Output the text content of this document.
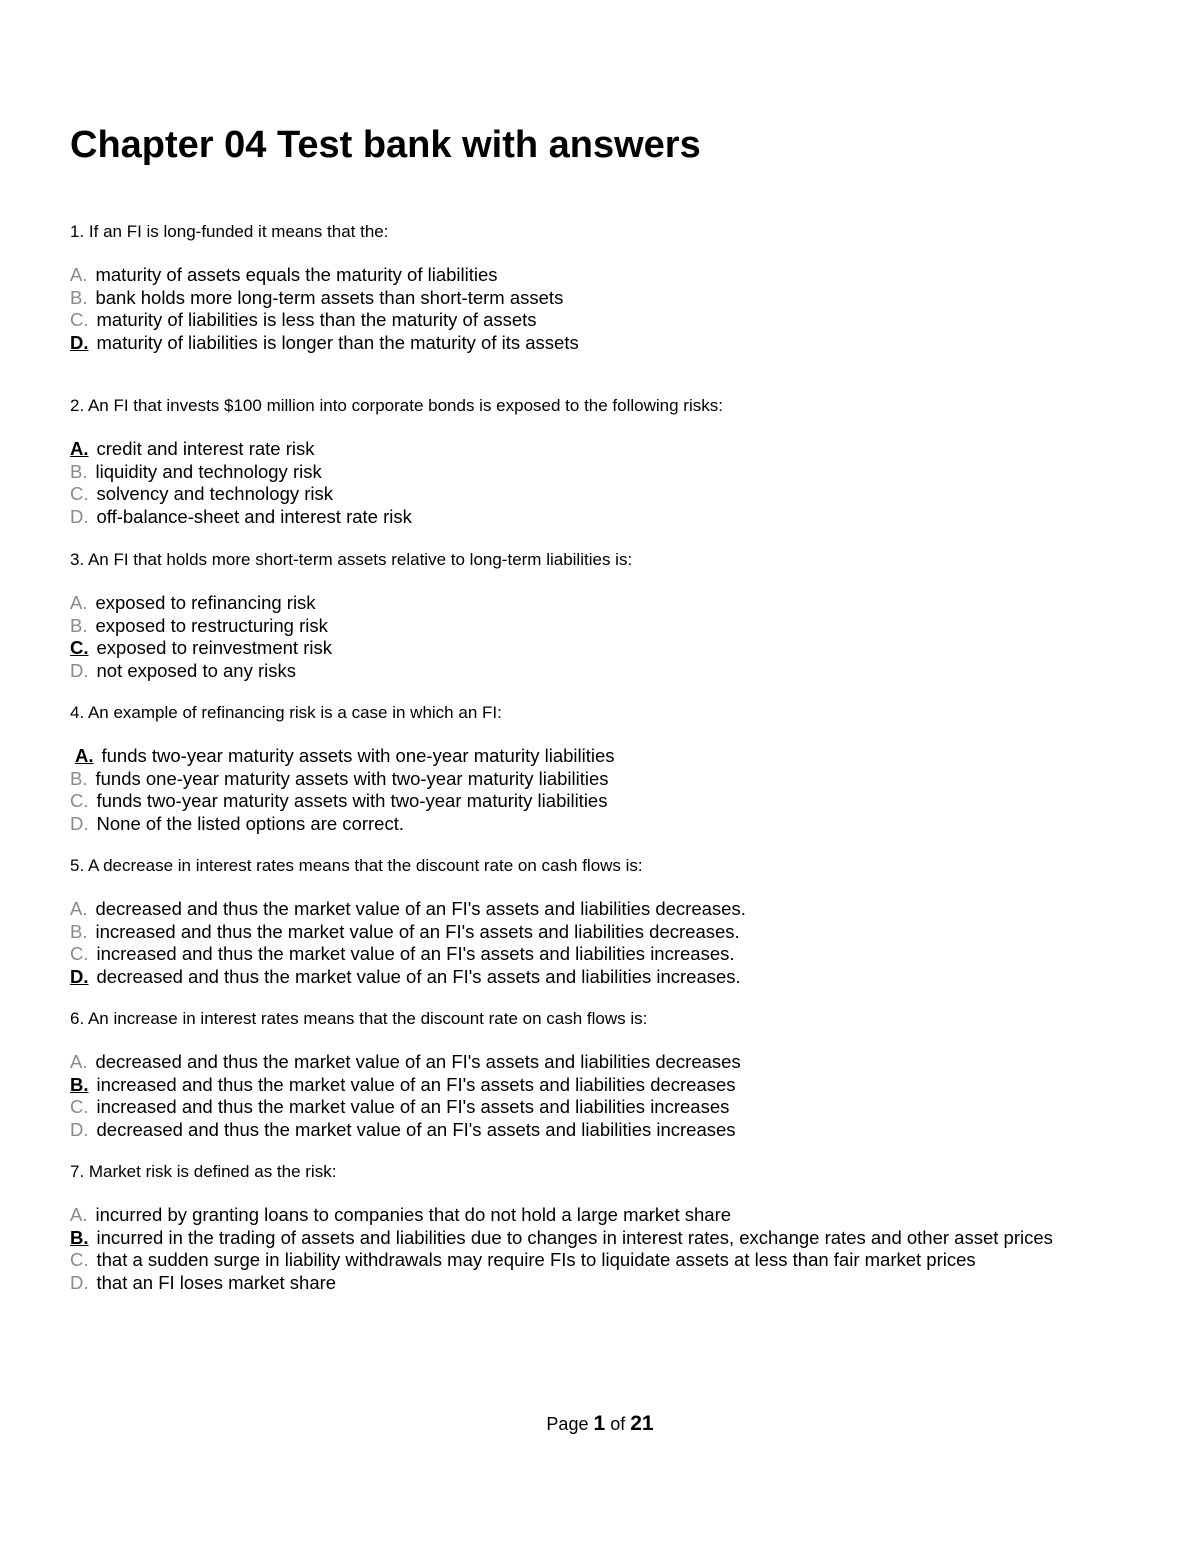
Chapter 04 Test bank with answers

1. If an FI is long-funded it means that the:

A. maturity of assets equals the maturity of liabilities
B. bank holds more long-term assets than short-term assets
C. maturity of liabilities is less than the maturity of assets
D. maturity of liabilities is longer than the maturity of its assets

2. An FI that invests $100 million into corporate bonds is exposed to the following risks:

A. credit and interest rate risk
B. liquidity and technology risk
C. solvency and technology risk
D. off-balance-sheet and interest rate risk

3. An FI that holds more short-term assets relative to long-term liabilities is:

A. exposed to refinancing risk
B. exposed to restructuring risk
C. exposed to reinvestment risk
D. not exposed to any risks

4. An example of refinancing risk is a case in which an FI:

A. funds two-year maturity assets with one-year maturity liabilities
B. funds one-year maturity assets with two-year maturity liabilities
C. funds two-year maturity assets with two-year maturity liabilities
D. None of the listed options are correct.

5. A decrease in interest rates means that the discount rate on cash flows is:

A. decreased and thus the market value of an FI's assets and liabilities decreases.
B. increased and thus the market value of an FI's assets and liabilities decreases.
C. increased and thus the market value of an FI's assets and liabilities increases.
D. decreased and thus the market value of an FI's assets and liabilities increases.

6. An increase in interest rates means that the discount rate on cash flows is:

A. decreased and thus the market value of an FI's assets and liabilities decreases
B. increased and thus the market value of an FI's assets and liabilities decreases
C. increased and thus the market value of an FI's assets and liabilities increases
D. decreased and thus the market value of an FI's assets and liabilities increases

7. Market risk is defined as the risk:

A. incurred by granting loans to companies that do not hold a large market share
B. incurred in the trading of assets and liabilities due to changes in interest rates, exchange rates and other asset prices
C. that a sudden surge in liability withdrawals may require FIs to liquidate assets at less than fair market prices
D. that an FI loses market share
Page 1 of 21
